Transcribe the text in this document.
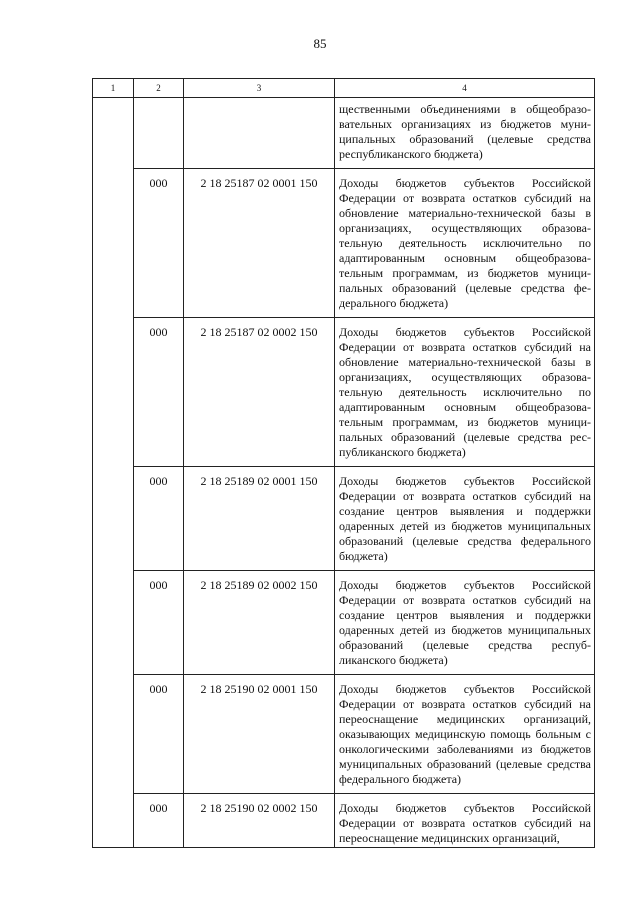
85
1	2	3	4
			щественными объединениями в общеобразовательных организациях из бюджетов муниципальных образований (целевые средства республиканского бюджета)
	000	2 18 25187 02 0001 150	Доходы бюджетов субъектов Российской Федерации от возврата остатков субсидий на обновление материально-технической базы в организациях, осуществляющих образовательную деятельность исключительно по адаптированным основным общеобразовательным программам, из бюджетов муниципальных образований (целевые средства федерального бюджета)
	000	2 18 25187 02 0002 150	Доходы бюджетов субъектов Российской Федерации от возврата остатков субсидий на обновление материально-технической базы в организациях, осуществляющих образовательную деятельность исключительно по адаптированным основным общеобразовательным программам, из бюджетов муниципальных образований (целевые средства республиканского бюджета)
	000	2 18 25189 02 0001 150	Доходы бюджетов субъектов Российской Федерации от возврата остатков субсидий на создание центров выявления и поддержки одаренных детей из бюджетов муниципальных образований (целевые средства федерального бюджета)
	000	2 18 25189 02 0002 150	Доходы бюджетов субъектов Российской Федерации от возврата остатков субсидий на создание центров выявления и поддержки одаренных детей из бюджетов муниципальных образований (целевые средства республиканского бюджета)
	000	2 18 25190 02 0001 150	Доходы бюджетов субъектов Российской Федерации от возврата остатков субсидий на переоснащение медицинских организаций, оказывающих медицинскую помощь больным с онкологическими заболеваниями из бюджетов муниципальных образований (целевые средства федерального бюджета)
	000	2 18 25190 02 0002 150	Доходы бюджетов субъектов Российской Федерации от возврата остатков субсидий на переоснащение медицинских организаций,
